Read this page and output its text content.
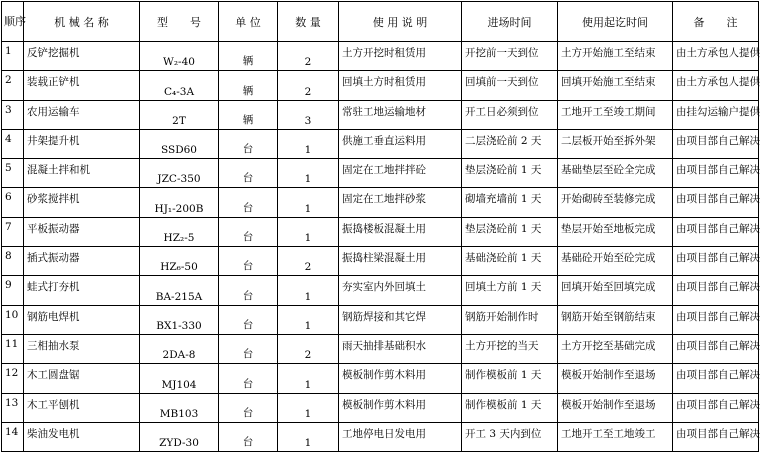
顺序	机 械 名 称	型　　号	单 位	数 量	使 用 说 明	进场时间	使用起讫时间	备　　注
1	反铲挖掘机	W₂-40	辆	2	土方开挖时租赁用	开挖前一天到位	土方开始施工至结束	由土方承包人提供
2	装载正铲机	C₄-3A	辆	2	回填土方时租赁用	回填前一天到位	回填开始施工至结束	由土方承包人提供
3	农用运输车	2T	辆	3	常驻工地运输地材	开工日必须到位	工地开工至竣工期间	由挂勾运输户提供
4	井架提升机	SSD60	台	1	供施工垂直运料用	二层浇砼前 2 天	二层板开始至拆外架	由项目部自己解决
5	混凝土拌和机	JZC-350	台	1	固定在工地拌拌砼	垫层浇砼前 1 天	基础垫层至砼全完成	由项目部自己解决
6	砂浆搅拌机	HJ₁-200B	台	1	固定在工地拌砂浆	砌墙充墙前 1 天	开始砌砖至装修完成	由项目部自己解决
7	平板振动器	HZ₂-5	台	1	振捣楼板混凝土用	垫层浇砼前 1 天	垫层开始至地板完成	由项目部自己解决
8	插式振动器	HZ₆-50	台	2	振捣柱梁混凝土用	基础浇砼前 1 天	基础砼开始至砼完成	由项目部自己解决
9	蛙式打夯机	BA-215A	台	1	夯实室内外回填土	回填土方前 1 天	回填开始至回填完成	由项目部自己解决
10	钢筋电焊机	BX1-330	台	1	钢筋焊接和其它焊	钢筋开始制作时	钢筋开始至钢筋结束	由项目部自己解决
11	三相抽水泵	2DA-8	台	2	雨天抽排基础积水	土方开挖的当天	土方开挖至基础完成	由项目部自己解决
12	木工圆盘锯	MJ104	台	1	模板制作剪木料用	制作模板前 1 天	模板开始制作至退场	由项目部自己解决
13	木工平刨机	MB103	台	1	模板制作剪木料用	制作模板前 1 天	模板开始制作至退场	由项目部自己解决
14	柴油发电机	ZYD-30	台	1	工地停电日发电用	开工 3 天内到位	工地开工至工地竣工	由项目部自己解决
